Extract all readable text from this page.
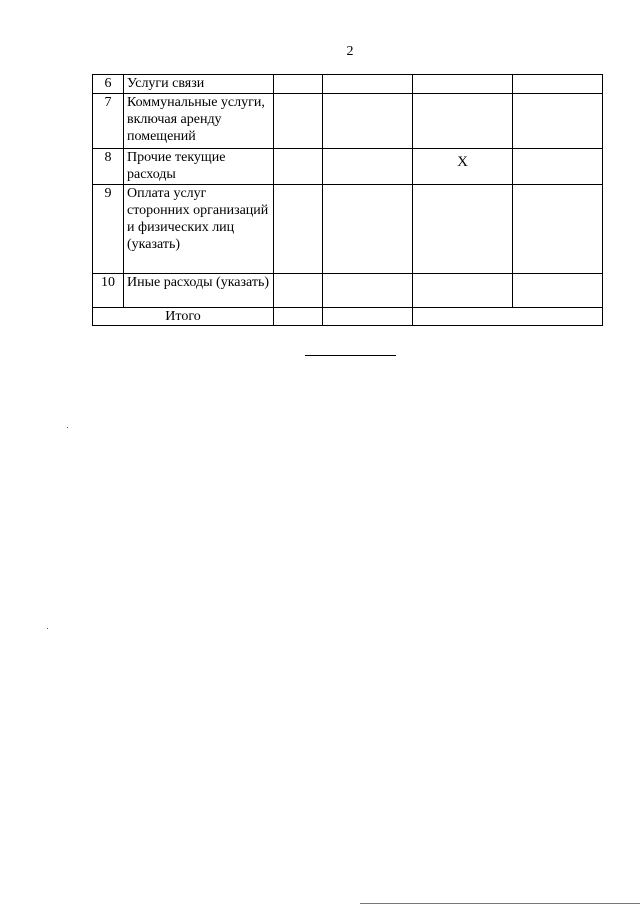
2
6	Услуги связи				
7	Коммунальные услуги, включая аренду помещений				
8	Прочие текущие расходы			X	
9	Оплата услуг сторонних организаций и физических лиц (указать)				
10	Иные расходы (указать)				
Итого					
